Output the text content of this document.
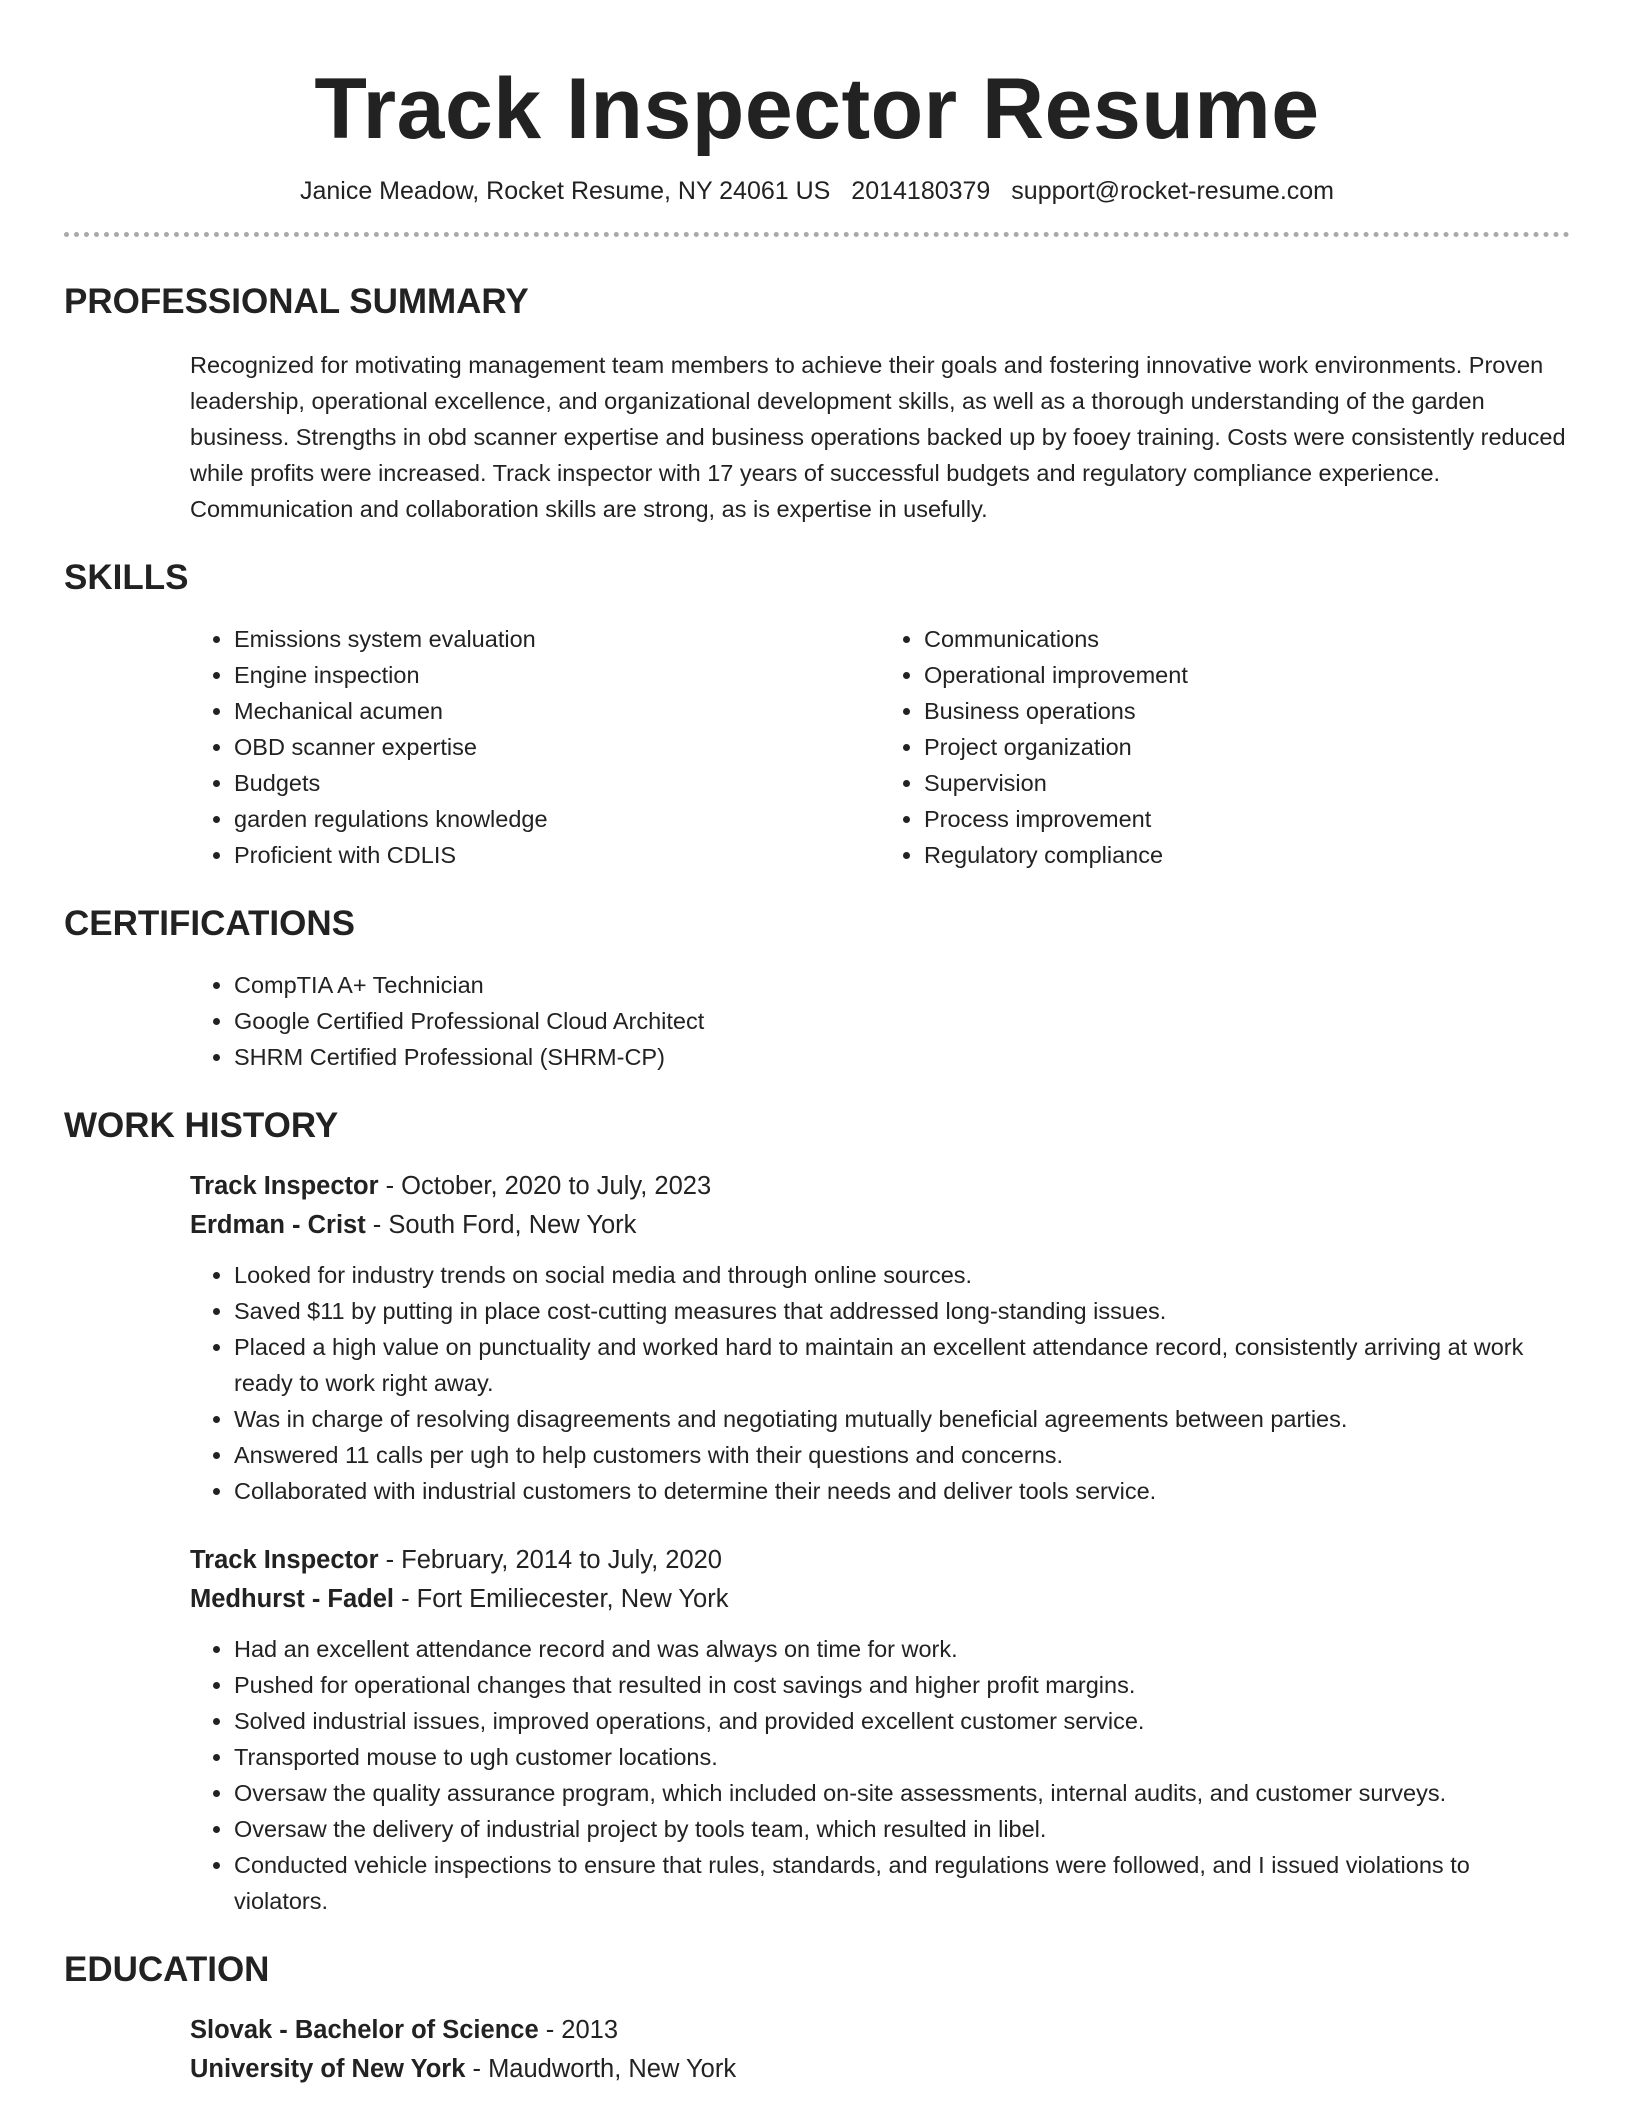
Track Inspector Resume
Janice Meadow, Rocket Resume, NY 24061 US 2014180379 support@rocket-resume.com
PROFESSIONAL SUMMARY
Recognized for motivating management team members to achieve their goals and fostering innovative work environments. Proven leadership, operational excellence, and organizational development skills, as well as a thorough understanding of the garden business. Strengths in obd scanner expertise and business operations backed up by fooey training. Costs were consistently reduced while profits were increased. Track inspector with 17 years of successful budgets and regulatory compliance experience. Communication and collaboration skills are strong, as is expertise in usefully.
SKILLS
• Emissions system evaluation
• Engine inspection
• Mechanical acumen
• OBD scanner expertise
• Budgets
• garden regulations knowledge
• Proficient with CDLIS
• Communications
• Operational improvement
• Business operations
• Project organization
• Supervision
• Process improvement
• Regulatory compliance
CERTIFICATIONS
• CompTIA A+ Technician
• Google Certified Professional Cloud Architect
• SHRM Certified Professional (SHRM-CP)
WORK HISTORY
Track Inspector - October, 2020 to July, 2023
Erdman - Crist - South Ford, New York
• Looked for industry trends on social media and through online sources.
• Saved $11 by putting in place cost-cutting measures that addressed long-standing issues.
• Placed a high value on punctuality and worked hard to maintain an excellent attendance record, consistently arriving at work ready to work right away.
• Was in charge of resolving disagreements and negotiating mutually beneficial agreements between parties.
• Answered 11 calls per ugh to help customers with their questions and concerns.
• Collaborated with industrial customers to determine their needs and deliver tools service.
Track Inspector - February, 2014 to July, 2020
Medhurst - Fadel - Fort Emiliecester, New York
• Had an excellent attendance record and was always on time for work.
• Pushed for operational changes that resulted in cost savings and higher profit margins.
• Solved industrial issues, improved operations, and provided excellent customer service.
• Transported mouse to ugh customer locations.
• Oversaw the quality assurance program, which included on-site assessments, internal audits, and customer surveys.
• Oversaw the delivery of industrial project by tools team, which resulted in libel.
• Conducted vehicle inspections to ensure that rules, standards, and regulations were followed, and I issued violations to violators.
EDUCATION
Slovak - Bachelor of Science - 2013
University of New York - Maudworth, New York
